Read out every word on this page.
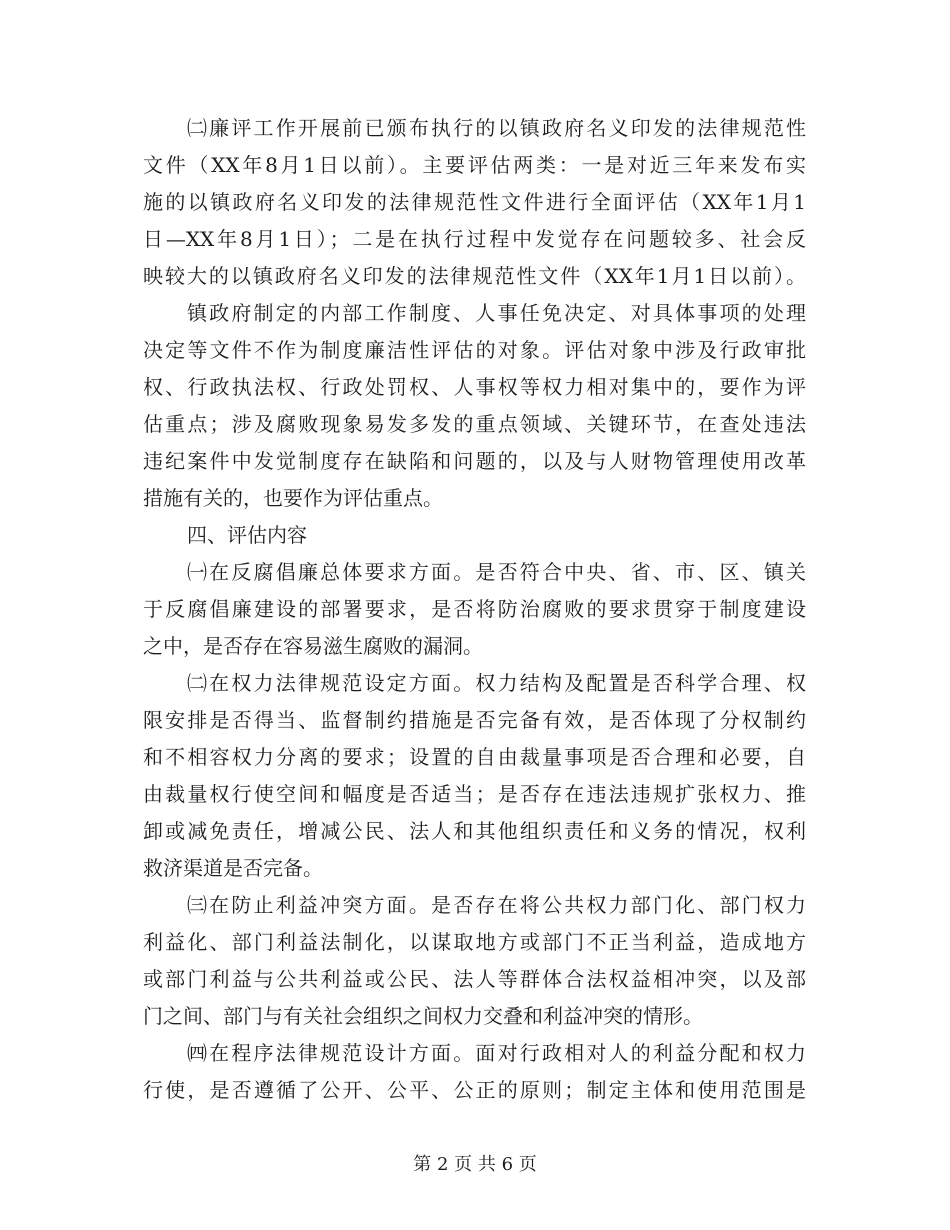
㈡廉评工作开展前已颁布执行的以镇政府名义印发的法律规范性
文件（XX年8月1日以前）。主要评估两类：一是对近三年来发布实
施的以镇政府名义印发的法律规范性文件进行全面评估（XX年1月1
日—XX年8月1日）；二是在执行过程中发觉存在问题较多、社会反
映较大的以镇政府名义印发的法律规范性文件（XX年1月1日以前）。
镇政府制定的内部工作制度、人事任免决定、对具体事项的处理
决定等文件不作为制度廉洁性评估的对象。评估对象中涉及行政审批
权、行政执法权、行政处罚权、人事权等权力相对集中的，要作为评
估重点；涉及腐败现象易发多发的重点领域、关键环节，在查处违法
违纪案件中发觉制度存在缺陷和问题的，以及与人财物管理使用改革
措施有关的，也要作为评估重点。
四、评估内容
㈠在反腐倡廉总体要求方面。是否符合中央、省、市、区、镇关
于反腐倡廉建设的部署要求，是否将防治腐败的要求贯穿于制度建设
之中，是否存在容易滋生腐败的漏洞。
㈡在权力法律规范设定方面。权力结构及配置是否科学合理、权
限安排是否得当、监督制约措施是否完备有效，是否体现了分权制约
和不相容权力分离的要求；设置的自由裁量事项是否合理和必要，自
由裁量权行使空间和幅度是否适当；是否存在违法违规扩张权力、推
卸或减免责任，增减公民、法人和其他组织责任和义务的情况，权利
救济渠道是否完备。
㈢在防止利益冲突方面。是否存在将公共权力部门化、部门权力
利益化、部门利益法制化，以谋取地方或部门不正当利益，造成地方
或部门利益与公共利益或公民、法人等群体合法权益相冲突，以及部
门之间、部门与有关社会组织之间权力交叠和利益冲突的情形。
㈣在程序法律规范设计方面。面对行政相对人的利益分配和权力
行使，是否遵循了公开、公平、公正的原则；制定主体和使用范围是
第 2 页 共 6 页
